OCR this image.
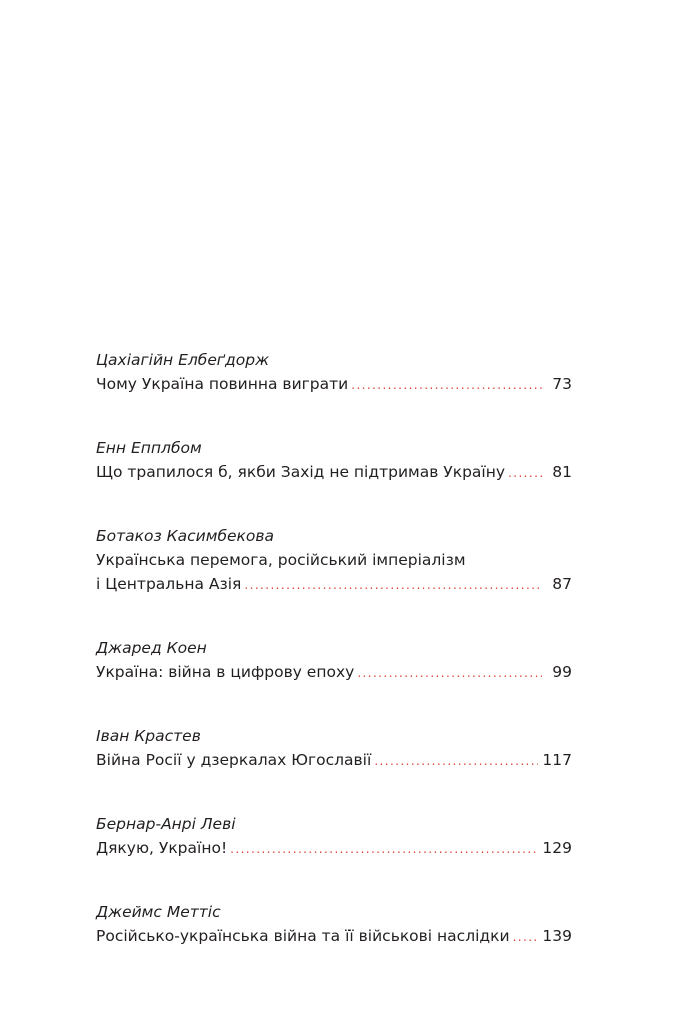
Цахіагійн Елбеґдорж
Чому Україна повинна виграти .....	73
Енн Епплбом
Що трапилося б, якби Захід не підтримав Україну .....	81
Ботакоз Касимбекова
Українська перемога, російський імперіалізм
і Центральна Азія .....	87
Джаред Коен
Україна: війна в цифрову епоху .....	99
Іван Крастев
Війна Росії у дзеркалах Югославії .....	117
Бернар-Анрі Леві
Дякую, Україно! .....	129
Джеймс Меттіс
Російсько-українська війна та її військові наслідки ..... 139
